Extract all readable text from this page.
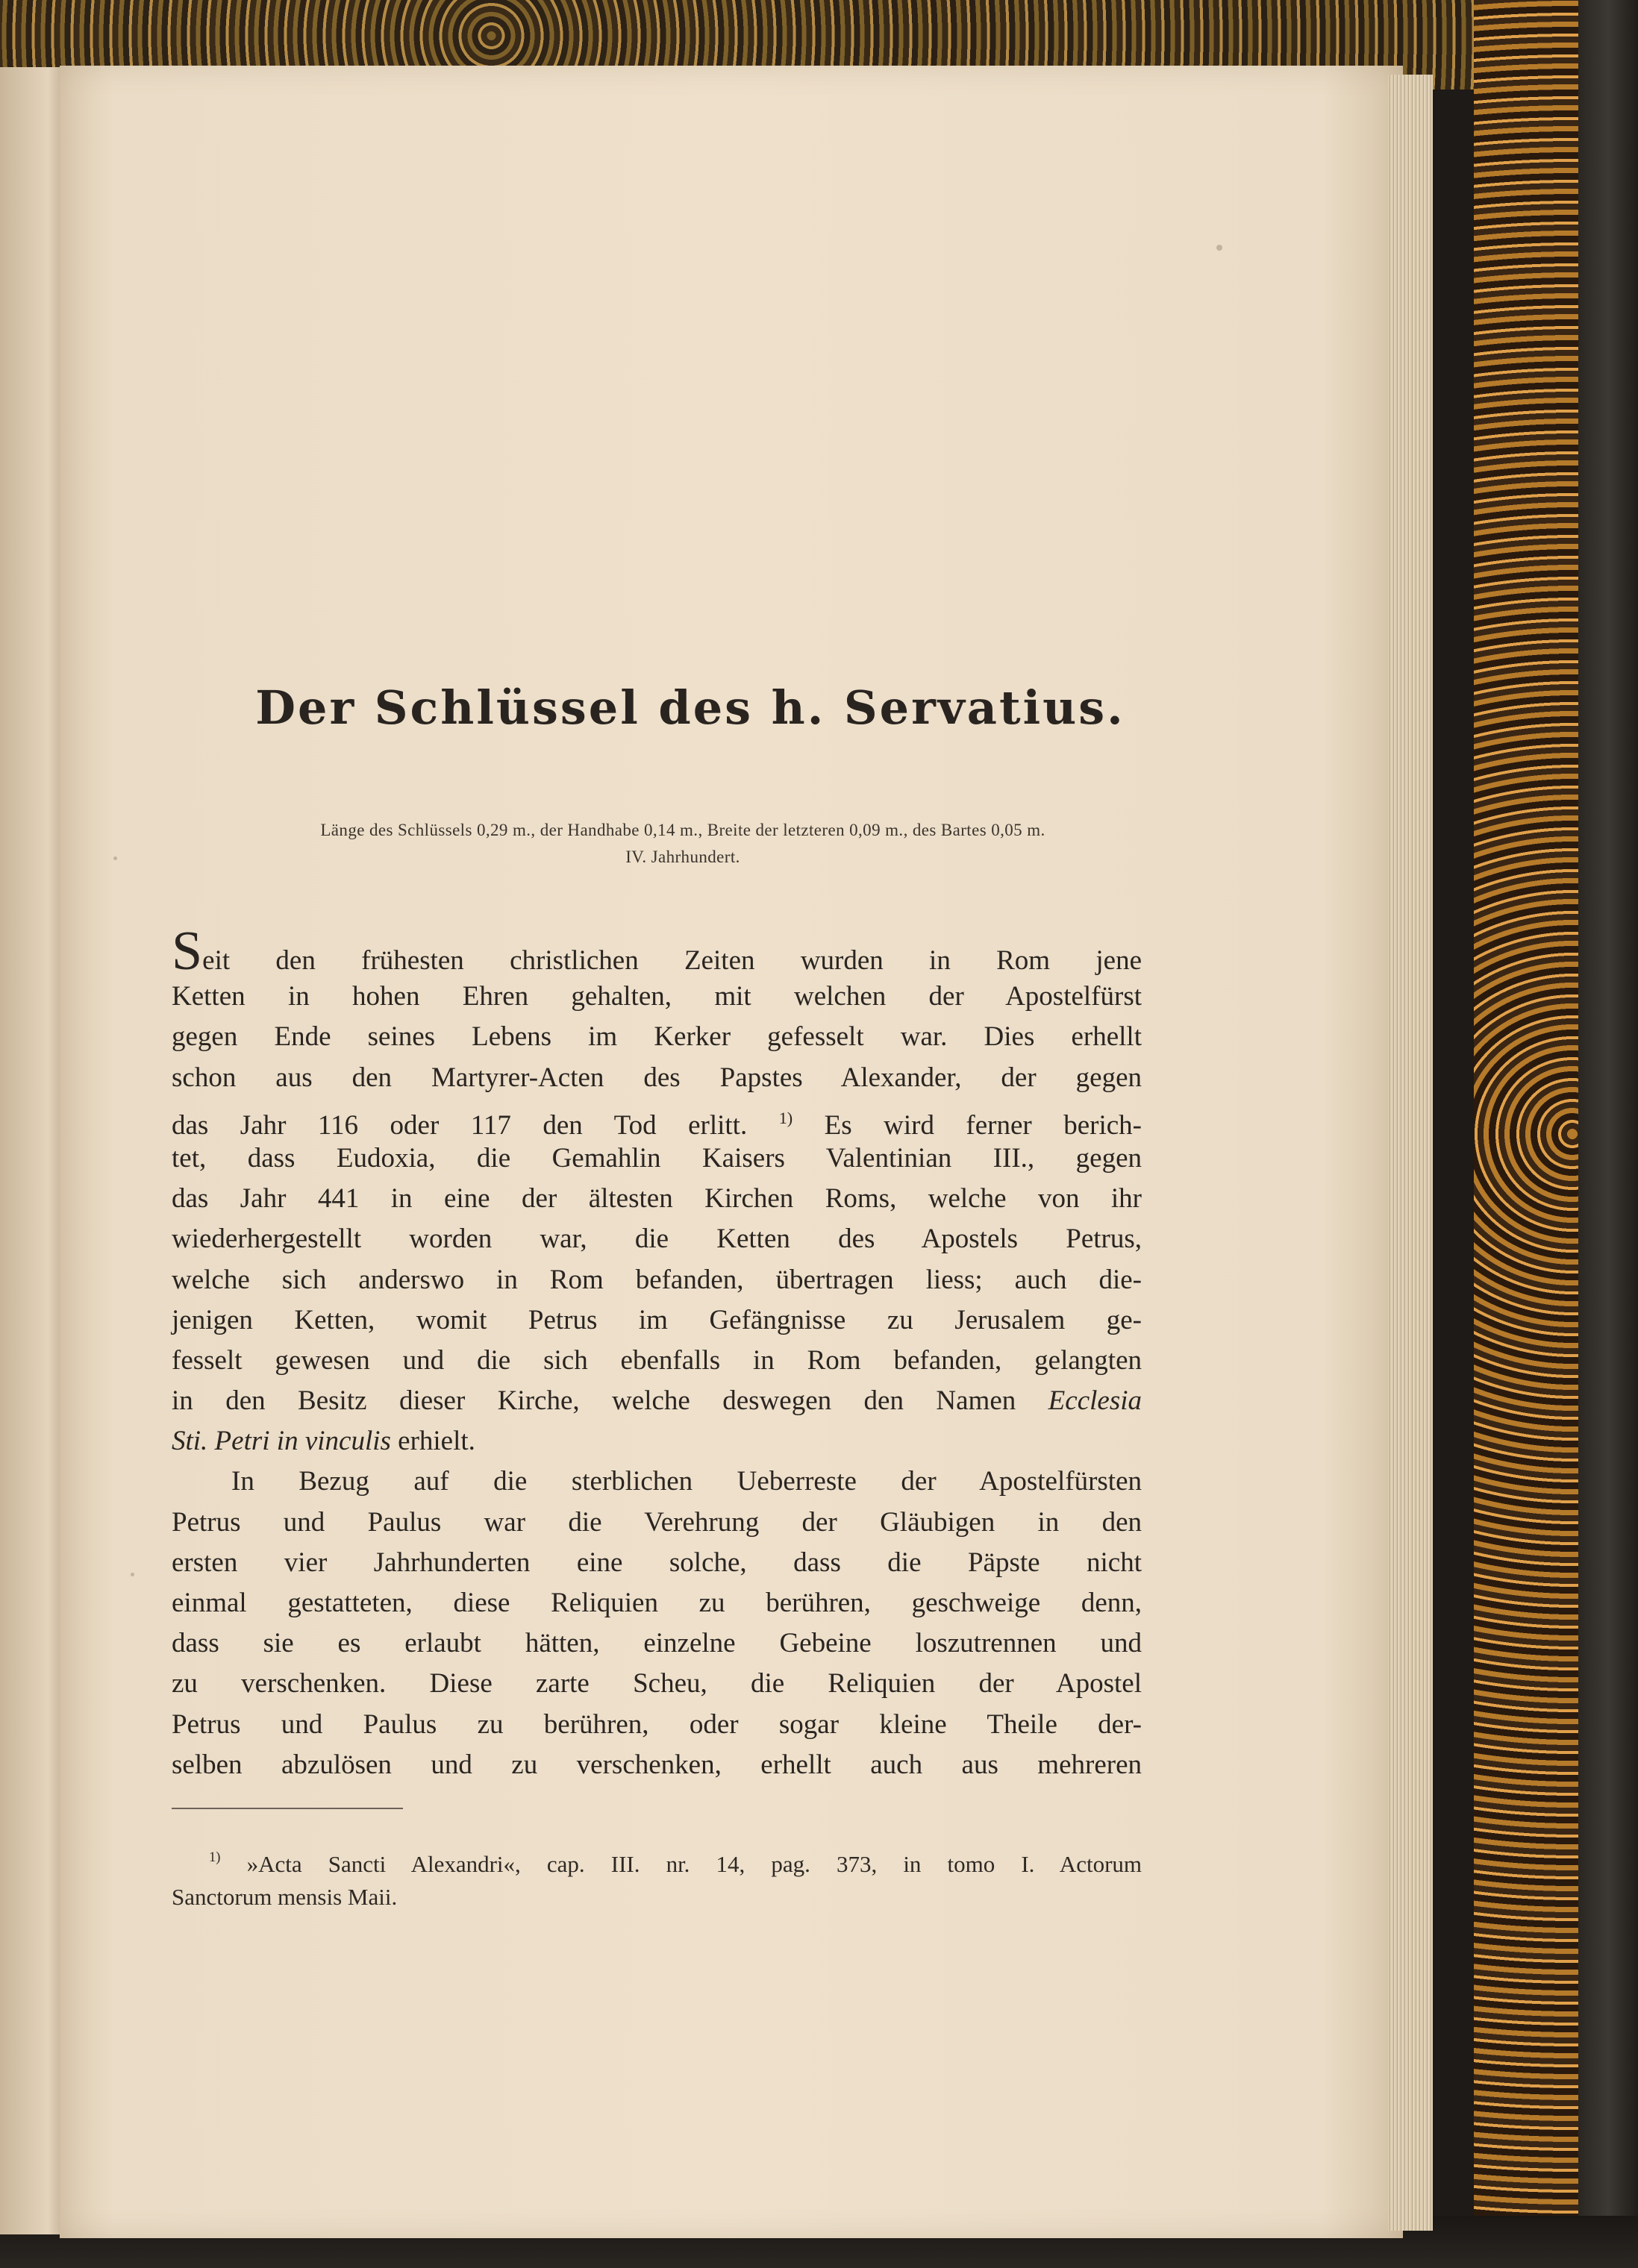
Der Schlüssel des h. Servatius.
Länge des Schlüssels 0,29 m., der Handhabe 0,14 m., Breite der letzteren 0,09 m., des Bartes 0,05 m.
IV. Jahrhundert.
Seit den frühesten christlichen Zeiten wurden in Rom jene
Ketten in hohen Ehren gehalten, mit welchen der Apostelfürst
gegen Ende seines Lebens im Kerker gefesselt war. Dies erhellt
schon aus den Martyrer-Acten des Papstes Alexander, der gegen
das Jahr 116 oder 117 den Tod erlitt. $^{1)}$ Es wird ferner berich-
tet, dass Eudoxia, die Gemahlin Kaisers Valentinian III., gegen
das Jahr 441 in eine der ältesten Kirchen Roms, welche von ihr
wiederhergestellt worden war, die Ketten des Apostels Petrus,
welche sich anderswo in Rom befanden, übertragen liess; auch die-
jenigen Ketten, womit Petrus im Gefängnisse zu Jerusalem ge-
fesselt gewesen und die sich ebenfalls in Rom befanden, gelangten
in den Besitz dieser Kirche, welche deswegen den Namen Ecclesia
Sti. Petri in vinculis erhielt.
In Bezug auf die sterblichen Ueberreste der Apostelfürsten
Petrus und Paulus war die Verehrung der Gläubigen in den
ersten vier Jahrhunderten eine solche, dass die Päpste nicht
einmal gestatteten, diese Reliquien zu berühren, geschweige denn,
dass sie es erlaubt hätten, einzelne Gebeine loszutrennen und
zu verschenken. Diese zarte Scheu, die Reliquien der Apostel
Petrus und Paulus zu berühren, oder sogar kleine Theile der-
selben abzulösen und zu verschenken, erhellt auch aus mehreren
$^{1)}$ »Acta Sancti Alexandri«, cap. III. nr. 14, pag. 373, in tomo I. Actorum
Sanctorum mensis Maii.
